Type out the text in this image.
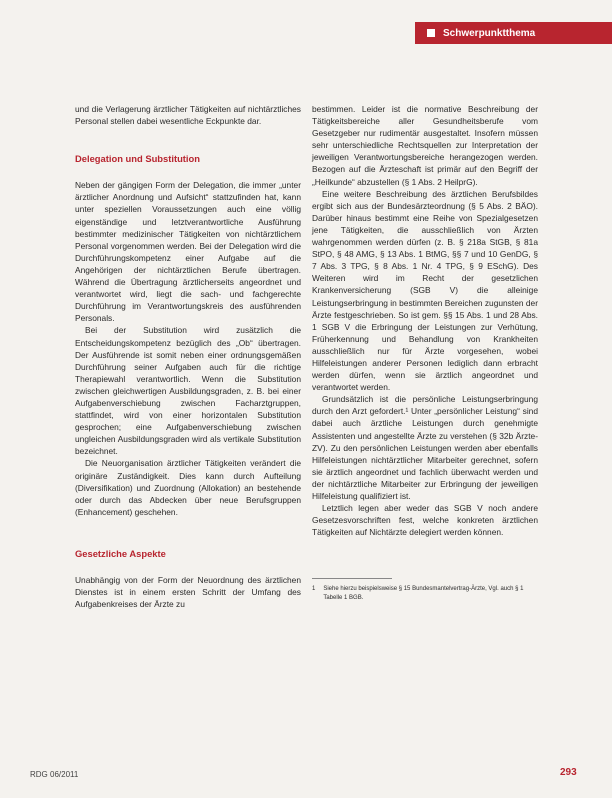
Schwerpunktthema

und die Verlagerung ärztlicher Tätigkeiten auf nichtärztliches Personal stellen dabei wesentliche Eckpunkte dar.

Delegation und Substitution

Neben der gängigen Form der Delegation, die immer „unter ärztlicher Anordnung und Aufsicht“ stattzufinden hat, kann unter speziellen Voraussetzungen auch eine völlig eigenständige und letztverantwortliche Ausführung bestimmter medizinischer Tätigkeiten von nichtärztlichem Personal vorgenommen werden. Bei der Delegation wird die Durchführungskompetenz einer Aufgabe auf die Angehörigen der nichtärztlichen Berufe übertragen. Während die Übertragung ärztlicherseits angeordnet und verantwortet wird, liegt die sach- und fachgerechte Durchführung im Verantwortungskreis des ausführenden Personals.

Bei der Substitution wird zusätzlich die Entscheidungskompetenz bezüglich des „Ob“ übertragen. Der Ausführende ist somit neben einer ordnungsgemäßen Durchführung seiner Aufgaben auch für die richtige Therapiewahl verantwortlich. Wenn die Substitution zwischen gleichwertigen Ausbildungsgraden, z. B. bei einer Aufgabenverschiebung zwischen Facharztgruppen, stattfindet, wird von einer horizontalen Substitution gesprochen; eine Aufgabenverschiebung zwischen ungleichen Ausbildungsgraden wird als vertikale Substitution bezeichnet.

Die Neuorganisation ärztlicher Tätigkeiten verändert die originäre Zuständigkeit. Dies kann durch Aufteilung (Diversifikation) und Zuordnung (Allokation) an bestehende oder durch das Abdecken über neue Berufsgruppen (Enhancement) geschehen.

Gesetzliche Aspekte

Unabhängig von der Form der Neuordnung des ärztlichen Dienstes ist in einem ersten Schritt der Umfang des Aufgabenkreises der Ärzte zu

bestimmen. Leider ist die normative Beschreibung der Tätigkeitsbereiche aller Gesundheitsberufe vom Gesetzgeber nur rudimentär ausgestaltet. Insofern müssen sehr unterschiedliche Rechtsquellen zur Interpretation der jeweiligen Verantwortungsbereiche herangezogen werden. Bezogen auf die Ärzteschaft ist primär auf den Begriff der „Heilkunde“ abzustellen (§ 1 Abs. 2 HeilprG).

Eine weitere Beschreibung des ärztlichen Berufsbildes ergibt sich aus der Bundesärzteordnung (§ 5 Abs. 2 BÄO). Darüber hinaus bestimmt eine Reihe von Spezialgesetzen jene Tätigkeiten, die ausschließlich von Ärzten wahrgenommen werden dürfen (z. B. § 218a StGB, § 81a StPO, § 48 AMG, § 13 Abs. 1 BtMG, §§ 7 und 10 GenDG, § 7 Abs. 3 TPG, § 8 Abs. 1 Nr. 4 TPG, § 9 ESchG). Des Weiteren wird im Recht der gesetzlichen Krankenversicherung (SGB V) die alleinige Leistungserbringung in bestimmten Bereichen zugunsten der Ärzte festgeschrieben. So ist gem. §§ 15 Abs. 1 und 28 Abs. 1 SGB V die Erbringung der Leistungen zur Verhütung, Früherkennung und Behandlung von Krankheiten ausschließlich nur für Ärzte vorgesehen, wobei Hilfeleistungen anderer Personen lediglich dann erbracht werden dürfen, wenn sie ärztlich angeordnet und verantwortet werden.

Grundsätzlich ist die persönliche Leistungserbringung durch den Arzt gefordert.¹ Unter „persönlicher Leistung“ sind dabei auch ärztliche Leistungen durch genehmigte Assistenten und angestellte Ärzte zu verstehen (§ 32b Ärzte-ZV). Zu den persönlichen Leistungen werden aber ebenfalls Hilfeleistungen nichtärztlicher Mitarbeiter gerechnet, sofern sie ärztlich angeordnet und fachlich überwacht werden und der nichtärztliche Mitarbeiter zur Erbringung der jeweiligen Hilfeleistung qualifiziert ist.

Letztlich legen aber weder das SGB V noch andere Gesetzesvorschriften fest, welche konkreten ärztlichen Tätigkeiten auf Nichtärzte delegiert werden können.

1 Siehe hierzu beispielsweise § 15 Bundesmantelvertrag-Ärzte, Vgl. auch § 1 Tabelle 1 BGB.
RDG 06/2011	293
